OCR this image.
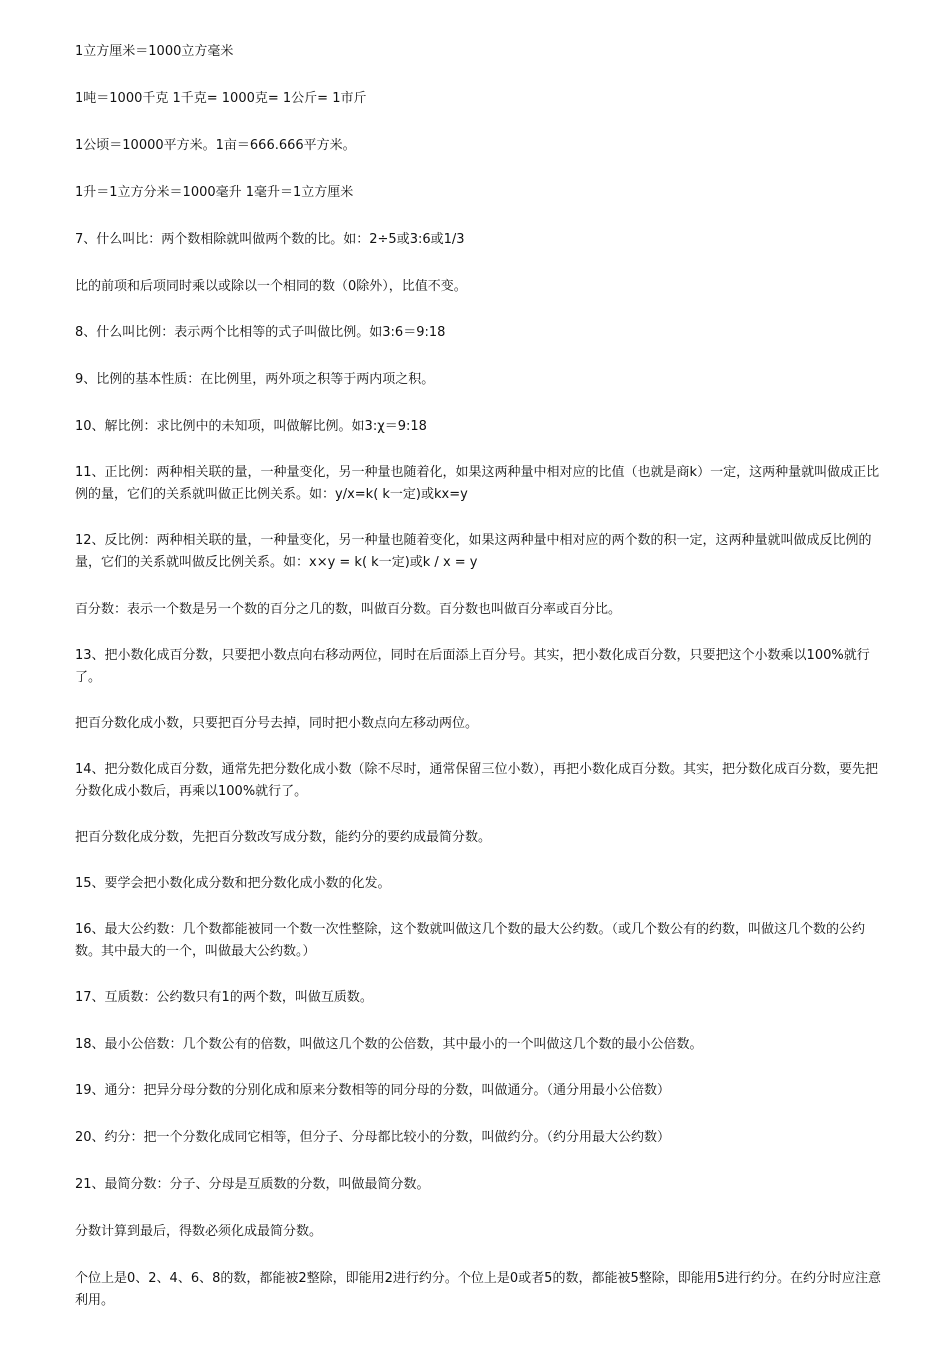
1立方厘米＝1000立方毫米

1吨＝1000千克 1千克= 1000克= 1公斤= 1市斤

1公顷＝10000平方米。1亩＝666.666平方米。

1升＝1立方分米＝1000毫升 1毫升＝1立方厘米

7、什么叫比：两个数相除就叫做两个数的比。如：2÷5或3:6或1/3

比的前项和后项同时乘以或除以一个相同的数（0除外），比值不变。

8、什么叫比例：表示两个比相等的式子叫做比例。如3:6＝9:18

9、比例的基本性质：在比例里，两外项之积等于两内项之积。

10、解比例：求比例中的未知项，叫做解比例。如3:χ＝9:18

11、正比例：两种相关联的量，一种量变化，另一种量也随着化，如果这两种量中相对应的比值（也就是商k）一定，这两种量就叫做成正比例的量，它们的关系就叫做正比例关系。如：y/x=k( k一定)或kx=y

12、反比例：两种相关联的量，一种量变化，另一种量也随着变化，如果这两种量中相对应的两个数的积一定，这两种量就叫做成反比例的量，它们的关系就叫做反比例关系。如：x×y = k( k一定)或k / x = y

百分数：表示一个数是另一个数的百分之几的数，叫做百分数。百分数也叫做百分率或百分比。

13、把小数化成百分数，只要把小数点向右移动两位，同时在后面添上百分号。其实，把小数化成百分数，只要把这个小数乘以100%就行了。

把百分数化成小数，只要把百分号去掉，同时把小数点向左移动两位。

14、把分数化成百分数，通常先把分数化成小数（除不尽时，通常保留三位小数），再把小数化成百分数。其实，把分数化成百分数，要先把分数化成小数后，再乘以100%就行了。

把百分数化成分数，先把百分数改写成分数，能约分的要约成最简分数。

15、要学会把小数化成分数和把分数化成小数的化发。

16、最大公约数：几个数都能被同一个数一次性整除，这个数就叫做这几个数的最大公约数。（或几个数公有的约数，叫做这几个数的公约数。其中最大的一个，叫做最大公约数。）

17、互质数：公约数只有1的两个数，叫做互质数。

18、最小公倍数：几个数公有的倍数，叫做这几个数的公倍数，其中最小的一个叫做这几个数的最小公倍数。

19、通分：把异分母分数的分别化成和原来分数相等的同分母的分数，叫做通分。（通分用最小公倍数）

20、约分：把一个分数化成同它相等，但分子、分母都比较小的分数，叫做约分。（约分用最大公约数）

21、最简分数：分子、分母是互质数的分数，叫做最简分数。

分数计算到最后，得数必须化成最简分数。

个位上是0、2、4、6、8的数，都能被2整除，即能用2进行约分。个位上是0或者5的数，都能被5整除，即能用5进行约分。在约分时应注意利用。
